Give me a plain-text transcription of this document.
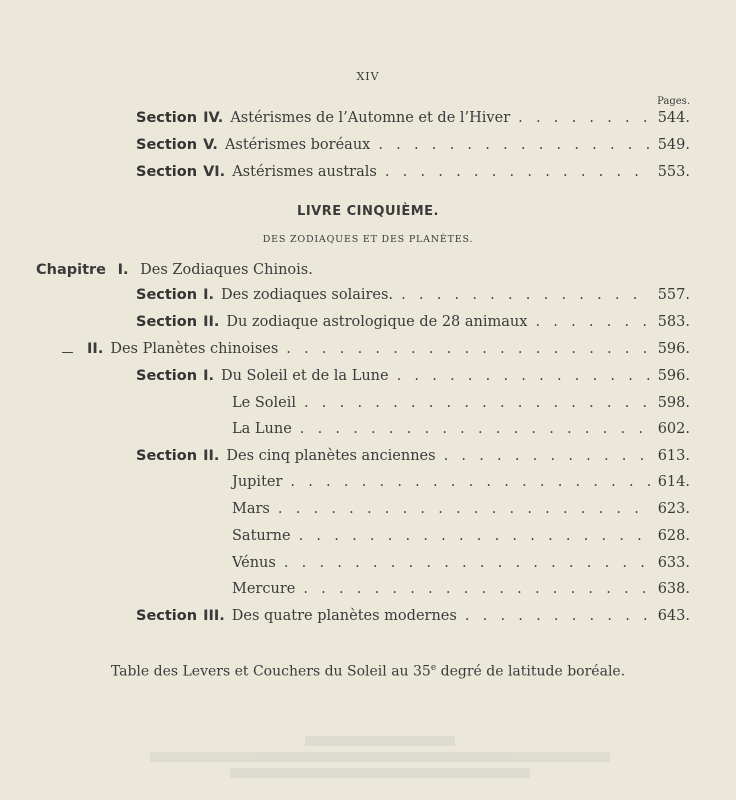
XIV
Pages.
Section IV. Astérismes de l’Automne et de l’Hiver . . .	544.
Section V. Astérismes boréaux . . .	549.
Section VI. Astérismes australs . . .	553.
LIVRE CINQUIÈME.
DES ZODIAQUES ET DES PLANÈTES.
Chapitre I. Des Zodiaques Chinois.
Section I. Des zodiaques solaires. . . .	557.
Section II. Du zodiaque astrologique de 28 animaux . . .	583.
II. Des Planètes chinoises . . .	596.
Section I. Du Soleil et de la Lune . . .	596.
Le Soleil . . .	598.
La Lune . . .	602.
Section II. Des cinq planètes anciennes . . .	613.
Jupiter . . .	614.
Mars . . .	623.
Saturne . . .	628.
Vénus . . .	633.
Mercure . . .	638.
Section III. Des quatre planètes modernes . . .	643.
Table des Levers et Couchers du Soleil au 35e degré de latitude boréale.
